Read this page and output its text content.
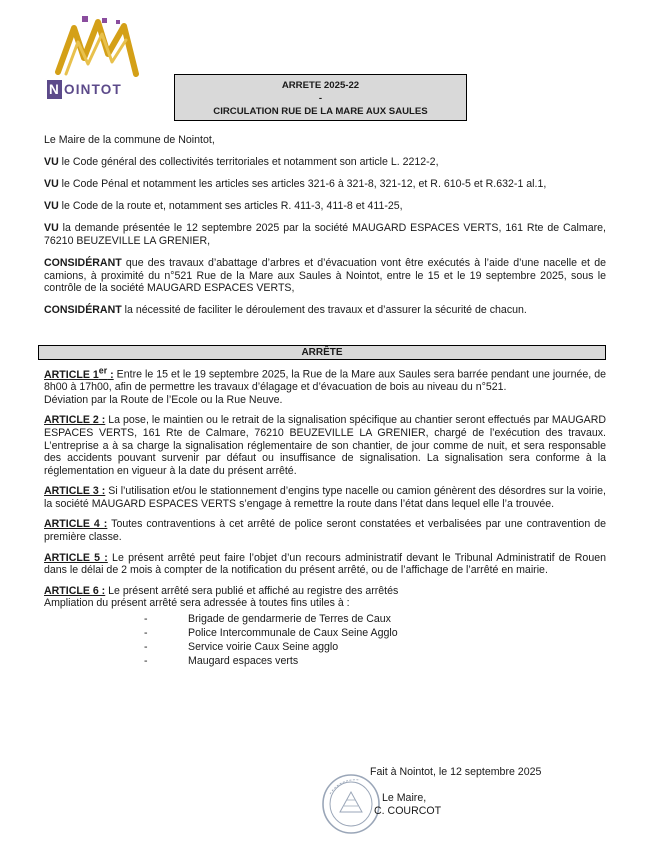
N OINTOT	ARRETE 2025-22
-
CIRCULATION RUE DE LA MARE AUX SAULES

Le Maire de la commune de Nointot,

VU le Code général des collectivités territoriales et notamment son article L. 2212-2,

VU le Code Pénal et notamment les articles ses articles 321-6 à 321-8, 321-12, et R. 610-5 et R.632-1 al.1,

VU le Code de la route et, notamment ses articles R. 411-3, 411-8 et 411-25,

VU la demande présentée le 12 septembre 2025 par la société MAUGARD ESPACES VERTS, 161 Rte de Calmare, 76210 BEUZEVILLE LA GRENIER,

CONSIDÉRANT que des travaux d’abattage d’arbres et d’évacuation vont être exécutés à l’aide d’une nacelle et de camions, à proximité du n°521 Rue de la Mare aux Saules à Nointot, entre le 15 et le 19 septembre 2025, sous le contrôle de la société MAUGARD ESPACES VERTS,

CONSIDÉRANT la nécessité de faciliter le déroulement des travaux et d’assurer la sécurité de chacun.

ARRÊTE
ARTICLE 1er : Entre le 15 et le 19 septembre 2025, la Rue de la Mare aux Saules sera barrée pendant une journée, de 8h00 à 17h00, afin de permettre les travaux d’élagage et d’évacuation de bois au niveau du n°521.
Déviation par la Route de l’Ecole ou la Rue Neuve.
ARTICLE 2 : La pose, le maintien ou le retrait de la signalisation spécifique au chantier seront effectués par MAUGARD ESPACES VERTS, 161 Rte de Calmare, 76210 BEUZEVILLE LA GRENIER, chargé de l’exécution des travaux. L’entreprise a à sa charge la signalisation réglementaire de son chantier, de jour comme de nuit, et sera responsable des accidents pouvant survenir par défaut ou insuffisance de signalisation. La signalisation sera conforme à la réglementation en vigueur à la date du présent arrêté.
ARTICLE 3 : Si l’utilisation et/ou le stationnement d’engins type nacelle ou camion génèrent des désordres sur la voirie, la société MAUGARD ESPACES VERTS s’engage à remettre la route dans l’état dans lequel elle l’a trouvée.
ARTICLE 4 : Toutes contraventions à cet arrêté de police seront constatées et verbalisées par une contravention de première classe.
ARTICLE 5 : Le présent arrêté peut faire l’objet d’un recours administratif devant le Tribunal Administratif de Rouen dans le délai de 2 mois à compter de la notification du présent arrêté, ou de l’affichage de l’arrêté en mairie.
ARTICLE 6 : Le présent arrêté sera publié et affiché au registre des arrêtés
Ampliation du présent arrêté sera adressée à toutes fins utiles à :
- Brigade de gendarmerie de Terres de Caux
- Police Intercommunale de Caux Seine Agglo
- Service voirie Caux Seine agglo
- Maugard espaces verts
Fait à Nointot, le 12 septembre 2025
Le Maire,
C. COURCOT
